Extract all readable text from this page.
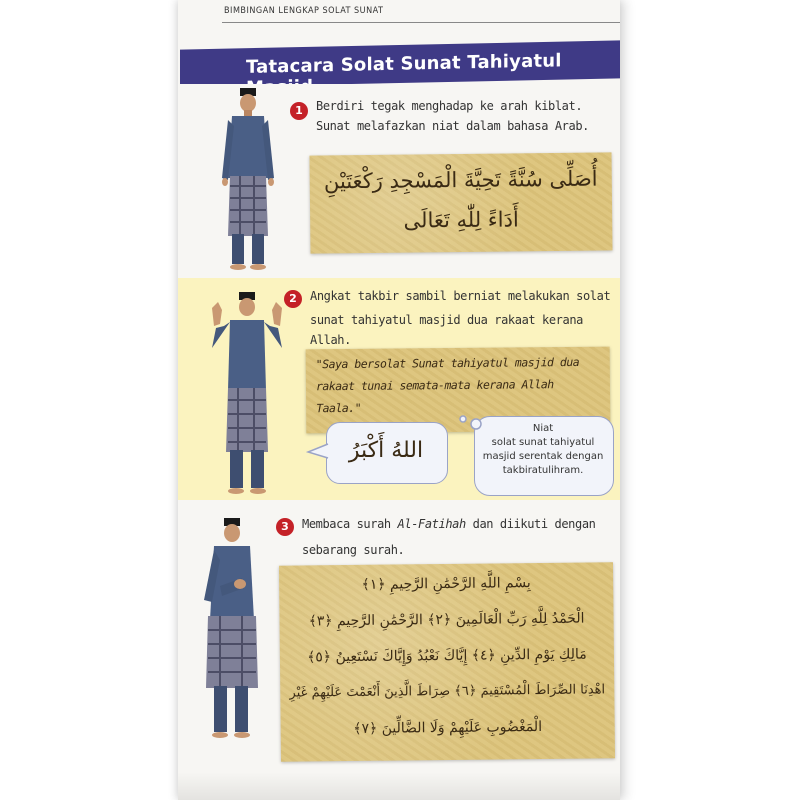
BIMBINGAN LENGKAP SOLAT SUNAT
Tatacara Solat Sunat Tahiyatul
1	Berdiri tegak menghadap ke arah kiblat.
Sunat melafazkan niat dalam bahasa Arab.
أُصَلِّى سُنَّةً تَحِيَّةَ الْمَسْجِدِ رَكْعَتَيْنِ
أَدَاءً لِلّٰهِ تَعَالَى
2	Angkat takbir sambil berniat melakukan solat
sunat tahiyatul masjid dua rakaat kerana Allah.
"Saya bersolat Sunat tahiyatul masjid dua
rakaat tunai semata-mata kerana Allah
Taala."
اللهُ أَكْبَرُ
Niat
solat sunat tahiyatul
masjid serentak dengan
takbiratulihram.
3	Membaca surah Al-Fatihah dan diikuti dengan
sebarang surah.
بِسْمِ اللَّهِ الرَّحْمَٰنِ الرَّحِيمِ ﴿١﴾
الْحَمْدُ لِلَّهِ رَبِّ الْعَالَمِينَ ﴿٢﴾ الرَّحْمَٰنِ الرَّحِيمِ ﴿٣﴾
مَالِكِ يَوْمِ الدِّينِ ﴿٤﴾ إِيَّاكَ نَعْبُدُ وَإِيَّاكَ نَسْتَعِينُ ﴿٥﴾
اهْدِنَا الصِّرَاطَ الْمُسْتَقِيمَ ﴿٦﴾ صِرَاطَ الَّذِينَ أَنْعَمْتَ عَلَيْهِمْ غَيْرِ
الْمَغْضُوبِ عَلَيْهِمْ وَلَا الضَّالِّينَ ﴿٧﴾
